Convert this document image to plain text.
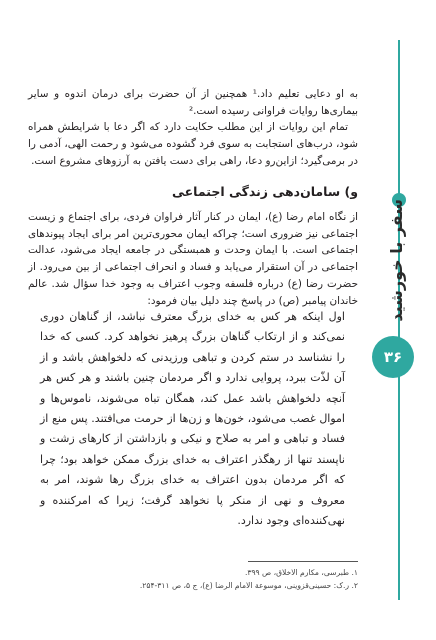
سفر با خورشید
۳۶

به او دعایی تعلیم داد.¹ همچنین از آن حضرت برای درمان اندوه و سایر بیماری‌ها روایات فراوانی رسیده است.²

تمام این روایات از این مطلب حکایت دارد که اگر دعا با شرایطش همراه شود، درب‌های استجابت به سوی فرد گشوده می‌شود و رحمت الهی، آدمی را در برمی‌گیرد؛ ازاین‌رو دعا، راهی برای دست یافتن به آرزوهای مشروع است.

و) سامان‌دهی زندگی اجتماعی
از نگاه امام رضا (ع)، ایمان در کنار آثار فراوان فردی، برای اجتماع و زیست اجتماعی نیز ضروری است؛ چراکه ایمان محوری‌ترین امر برای ایجاد پیوندهای اجتماعی است. با ایمان وحدت و همبستگی در جامعه ایجاد می‌شود، عدالت اجتماعی در آن استقرار می‌یابد و فساد و انحراف اجتماعی از بین می‌رود. از حضرت رضا (ع) درباره فلسفه وجوب اعتراف به وجود خدا سؤال شد. عالم خاندان پیامبر (ص) در پاسخ چند دلیل بیان فرمود:
اول اینکه هر کس به خدای بزرگ معترف نباشد، از گناهان دوری نمی‌کند و از ارتکاب گناهان بزرگ پرهیز نخواهد کرد. کسی که خدا را نشناسد در ستم کردن و تباهی ورزیدنی که دلخواهش باشد و از آن لذّت ببرد، پروایی ندارد و اگر مردمان چنین باشند و هر کس هر آنچه دلخواهش باشد عمل کند، همگان تباه می‌شوند، ناموس‌ها و اموال غصب می‌شود، خون‌ها و زن‌ها از حرمت می‌افتند. پس منع از فساد و تباهی و امر به صلاح و نیکی و بازداشتن از کارهای زشت و ناپسند تنها از رهگذر اعتراف به خدای بزرگ ممکن خواهد بود؛ چرا که اگر مردمان بدون اعتراف به خدای بزرگ رها شوند، امر به معروف و نهی از منکر پا نخواهد گرفت؛ زیرا که امرکننده و نهی‌کننده‌ای وجود ندارد.
۱. طبرسی، مکارم الاخلاق، ص ۳۹۹.
۲. ر.ک: حسینی‌قزوینی، موسوعة الامام الرضا (ع)، ج ۵، ص ۳۱۱-۲۵۴.
